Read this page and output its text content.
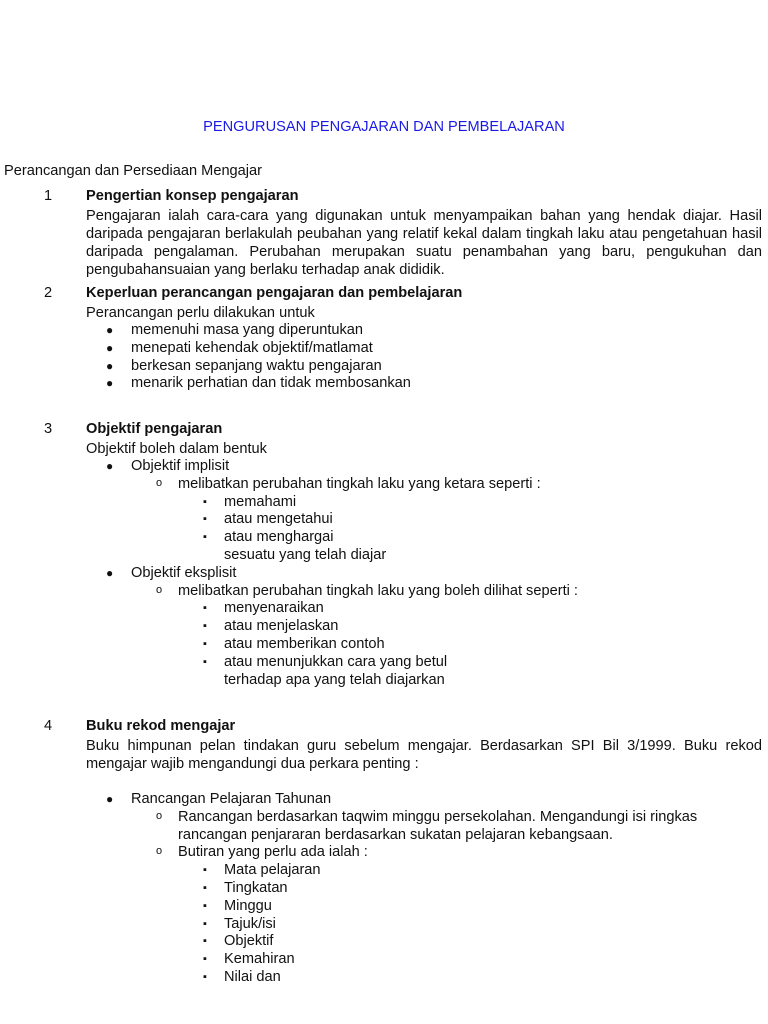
PENGURUSAN PENGAJARAN DAN PEMBELAJARAN
Perancangan dan Persediaan Mengajar
1 Pengertian konsep pengajaran
Pengajaran ialah cara-cara yang digunakan untuk menyampaikan bahan yang hendak diajar. Hasil daripada pengajaran berlakulah peubahan yang relatif kekal dalam tingkah laku atau pengetahuan hasil daripada pengalaman. Perubahan merupakan suatu penambahan yang baru, pengukuhan dan pengubahansuaian yang berlaku terhadap anak dididik.
2 Keperluan perancangan pengajaran dan pembelajaran
Perancangan perlu dilakukan untuk
● memenuhi masa yang diperuntukan
● menepati kehendak objektif/matlamat
● berkesan sepanjang waktu pengajaran
● menarik perhatian dan tidak membosankan
3 Objektif pengajaran
Objektif boleh dalam bentuk
● Objektif implisit
o melibatkan perubahan tingkah laku yang ketara seperti :
▪ memahami
▪ atau mengetahui
▪ atau menghargai
sesuatu yang telah diajar
● Objektif eksplisit
o melibatkan perubahan tingkah laku yang boleh dilihat seperti :
▪ menyenaraikan
▪ atau menjelaskan
▪ atau memberikan contoh
▪ atau menunjukkan cara yang betul
terhadap apa yang telah diajarkan
4 Buku rekod mengajar
Buku himpunan pelan tindakan guru sebelum mengajar. Berdasarkan SPI Bil 3/1999. Buku rekod mengajar wajib mengandungi dua perkara penting :
● Rancangan Pelajaran Tahunan
o Rancangan berdasarkan taqwim minggu persekolahan. Mengandungi isi ringkas rancangan penjararan berdasarkan sukatan pelajaran kebangsaan.
o Butiran yang perlu ada ialah :
▪ Mata pelajaran
▪ Tingkatan
▪ Minggu
▪ Tajuk/isi
▪ Objektif
▪ Kemahiran
▪ Nilai dan
